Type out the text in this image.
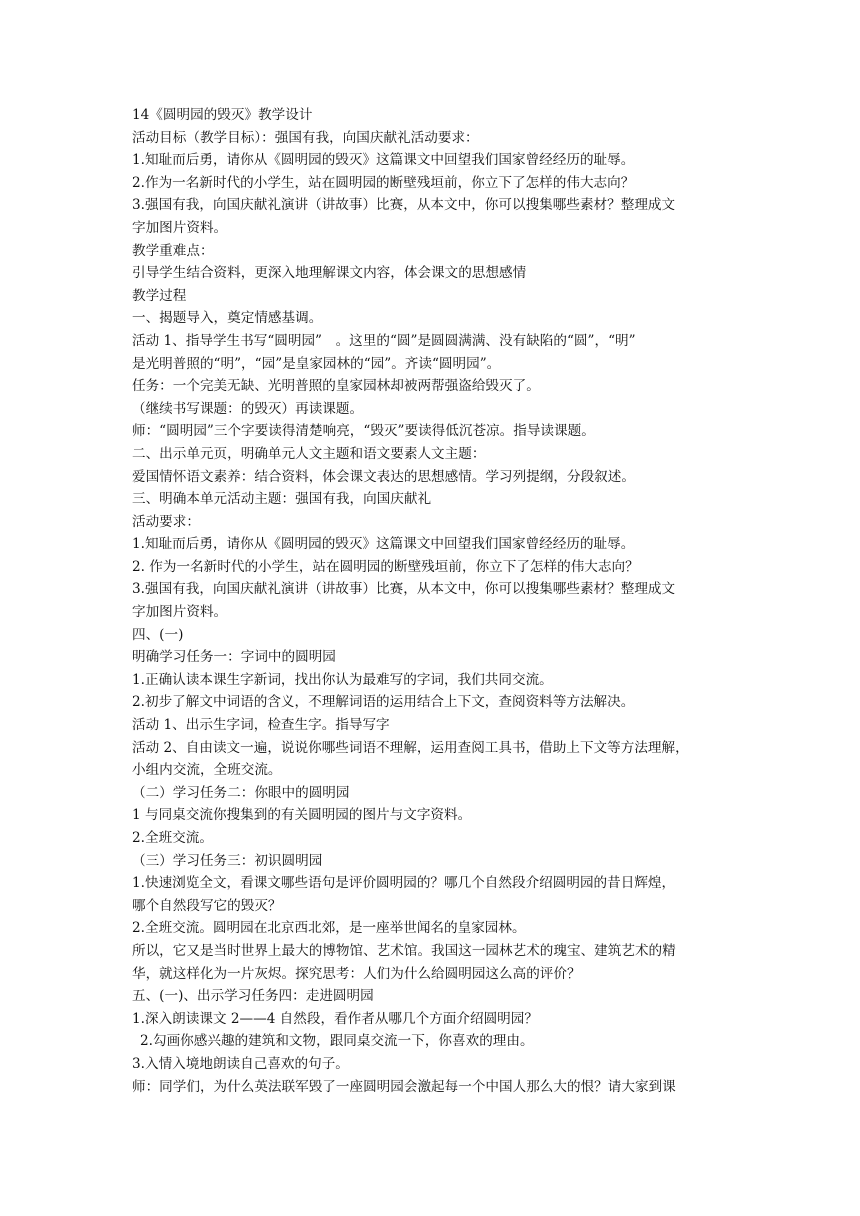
14《圆明园的毁灭》教学设计
活动目标（教学目标）：强国有我，向国庆献礼活动要求：
1.知耻而后勇，请你从《圆明园的毁灭》这篇课文中回望我们国家曾经经历的耻辱。
2.作为一名新时代的小学生，站在圆明园的断壁残垣前，你立下了怎样的伟大志向？
3.强国有我，向国庆献礼演讲（讲故事）比赛，从本文中，你可以搜集哪些素材？整理成文
字加图片资料。
教学重难点：
引导学生结合资料，更深入地理解课文内容，体会课文的思想感情
教学过程
一、揭题导入，奠定情感基调。
活动 1、指导学生书写“圆明园”　。这里的“圆”是圆圆满满、没有缺陷的“圆”，“明”
是光明普照的“明”，“园”是皇家园林的“园”。齐读“圆明园”。
任务：一个完美无缺、光明普照的皇家园林却被两帮强盗给毁灭了。
（继续书写课题：的毁灭）再读课题。
师：“圆明园”三个字要读得清楚响亮，“毁灭”要读得低沉苍凉。指导读课题。
二、出示单元页，明确单元人文主题和语文要素人文主题：
爱国情怀语文素养：结合资料，体会课文表达的思想感情。学习列提纲，分段叙述。
三、明确本单元活动主题：强国有我，向国庆献礼
活动要求：
1.知耻而后勇，请你从《圆明园的毁灭》这篇课文中回望我们国家曾经经历的耻辱。
2. 作为一名新时代的小学生，站在圆明园的断壁残垣前，你立下了怎样的伟大志向？
3.强国有我，向国庆献礼演讲（讲故事）比赛，从本文中，你可以搜集哪些素材？整理成文
字加图片资料。
四、(一)
明确学习任务一：字词中的圆明园
1.正确认读本课生字新词，找出你认为最难写的字词，我们共同交流。
2.初步了解文中词语的含义，不理解词语的运用结合上下文，查阅资料等方法解决。
活动 1、出示生字词，检查生字。指导写字
活动 2、自由读文一遍，说说你哪些词语不理解，运用查阅工具书，借助上下文等方法理解，
小组内交流，全班交流。
（二）学习任务二：你眼中的圆明园
1 与同桌交流你搜集到的有关圆明园的图片与文字资料。
2.全班交流。
（三）学习任务三：初识圆明园
1.快速浏览全文，看课文哪些语句是评价圆明园的？哪几个自然段介绍圆明园的昔日辉煌，
哪个自然段写它的毁灭？
2.全班交流。圆明园在北京西北郊，是一座举世闻名的皇家园林。
所以，它又是当时世界上最大的博物馆、艺术馆。我国这一园林艺术的瑰宝、建筑艺术的精
华，就这样化为一片灰烬。探究思考：人们为什么给圆明园这么高的评价？
五、(一)、出示学习任务四：走进圆明园
1.深入朗读课文 2——4 自然段，看作者从哪几个方面介绍圆明园？
2.勾画你感兴趣的建筑和文物，跟同桌交流一下，你喜欢的理由。
3.入情入境地朗读自己喜欢的句子。
师：同学们，为什么英法联军毁了一座圆明园会激起每一个中国人那么大的恨？请大家到课
